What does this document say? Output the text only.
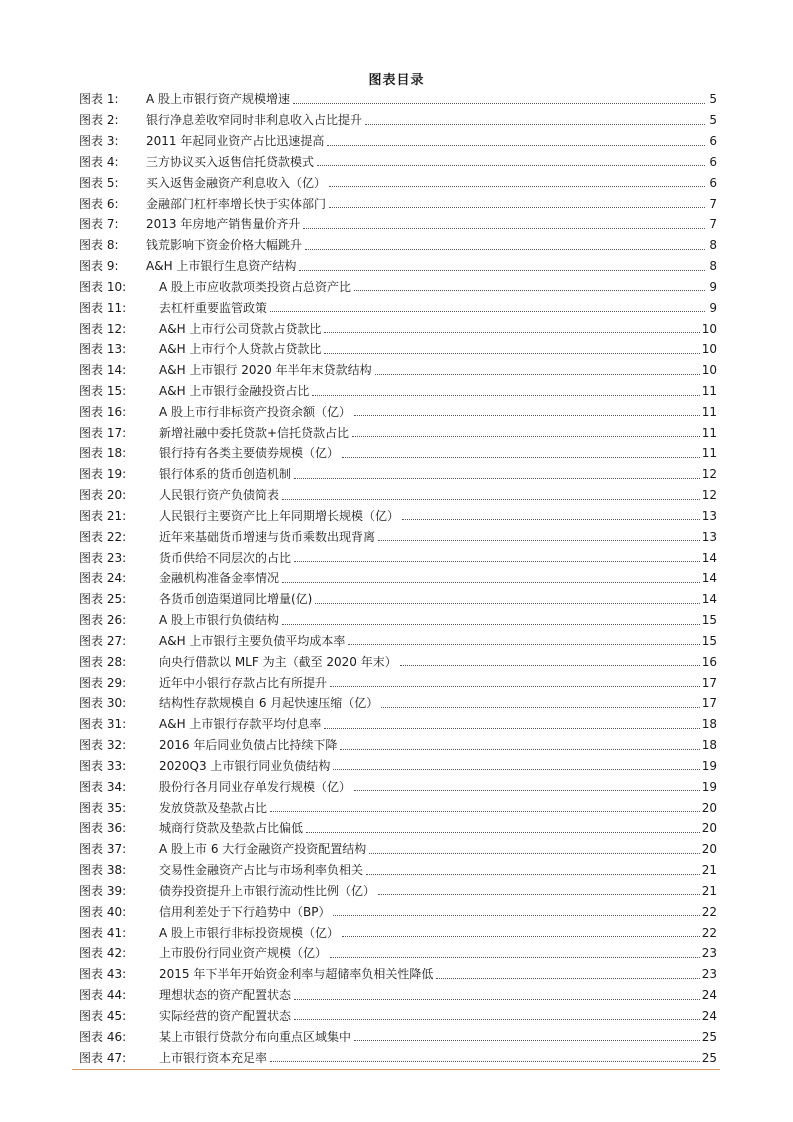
图表目录
图表 1:	A 股上市银行资产规模增速	5
图表 2:	银行净息差收窄同时非利息收入占比提升	5
图表 3:	2011 年起同业资产占比迅速提高	6
图表 4:	三方协议买入返售信托贷款模式	6
图表 5:	买入返售金融资产利息收入（亿）	6
图表 6:	金融部门杠杆率增长快于实体部门	7
图表 7:	2013 年房地产销售量价齐升	7
图表 8:	钱荒影响下资金价格大幅跳升	8
图表 9:	A&H 上市银行生息资产结构	8
图表 10:	A 股上市应收款项类投资占总资产比	9
图表 11:	去杠杆重要监管政策	9
图表 12:	A&H 上市行公司贷款占贷款比	10
图表 13:	A&H 上市行个人贷款占贷款比	10
图表 14:	A&H 上市银行 2020 年半年末贷款结构	10
图表 15:	A&H 上市银行金融投资占比	11
图表 16:	A 股上市行非标资产投资余额（亿）	11
图表 17:	新增社融中委托贷款+信托贷款占比	11
图表 18:	银行持有各类主要债券规模（亿）	11
图表 19:	银行体系的货币创造机制	12
图表 20:	人民银行资产负债简表	12
图表 21:	人民银行主要资产比上年同期增长规模（亿）	13
图表 22:	近年来基础货币增速与货币乘数出现背离	13
图表 23:	货币供给不同层次的占比	14
图表 24:	金融机构准备金率情况	14
图表 25:	各货币创造渠道同比增量(亿)	14
图表 26:	A 股上市银行负债结构	15
图表 27:	A&H 上市银行主要负债平均成本率	15
图表 28:	向央行借款以 MLF 为主（截至 2020 年末）	16
图表 29:	近年中小银行存款占比有所提升	17
图表 30:	结构性存款规模自 6 月起快速压缩（亿）	17
图表 31:	A&H 上市银行存款平均付息率	18
图表 32:	2016 年后同业负债占比持续下降	18
图表 33:	2020Q3 上市银行同业负债结构	19
图表 34:	股份行各月同业存单发行规模（亿）	19
图表 35:	发放贷款及垫款占比	20
图表 36:	城商行贷款及垫款占比偏低	20
图表 37:	A 股上市 6 大行金融资产投资配置结构	20
图表 38:	交易性金融资产占比与市场利率负相关	21
图表 39:	债券投资提升上市银行流动性比例（亿）	21
图表 40:	信用利差处于下行趋势中（BP）	22
图表 41:	A 股上市银行非标投资规模（亿）	22
图表 42:	上市股份行同业资产规模（亿）	23
图表 43:	2015 年下半年开始资金利率与超储率负相关性降低	23
图表 44:	理想状态的资产配置状态	24
图表 45:	实际经营的资产配置状态	24
图表 46:	某上市银行贷款分布向重点区域集中	25
图表 47:	上市银行资本充足率	25
